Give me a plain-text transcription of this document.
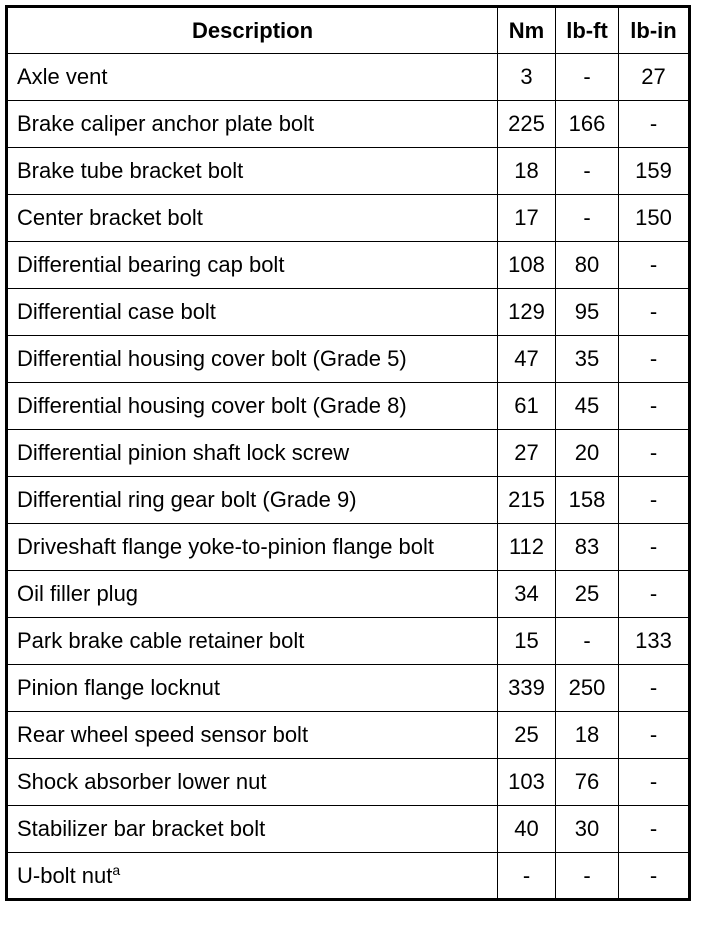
Description	Nm	lb-ft	lb-in
Axle vent	3	-	27
Brake caliper anchor plate bolt	225	166	-
Brake tube bracket bolt	18	-	159
Center bracket bolt	17	-	150
Differential bearing cap bolt	108	80	-
Differential case bolt	129	95	-
Differential housing cover bolt (Grade 5)	47	35	-
Differential housing cover bolt (Grade 8)	61	45	-
Differential pinion shaft lock screw	27	20	-
Differential ring gear bolt (Grade 9)	215	158	-
Driveshaft flange yoke-to-pinion flange bolt	112	83	-
Oil filler plug	34	25	-
Park brake cable retainer bolt	15	-	133
Pinion flange locknut	339	250	-
Rear wheel speed sensor bolt	25	18	-
Shock absorber lower nut	103	76	-
Stabilizer bar bracket bolt	40	30	-
U-bolt nut$^a$	-	-	-
